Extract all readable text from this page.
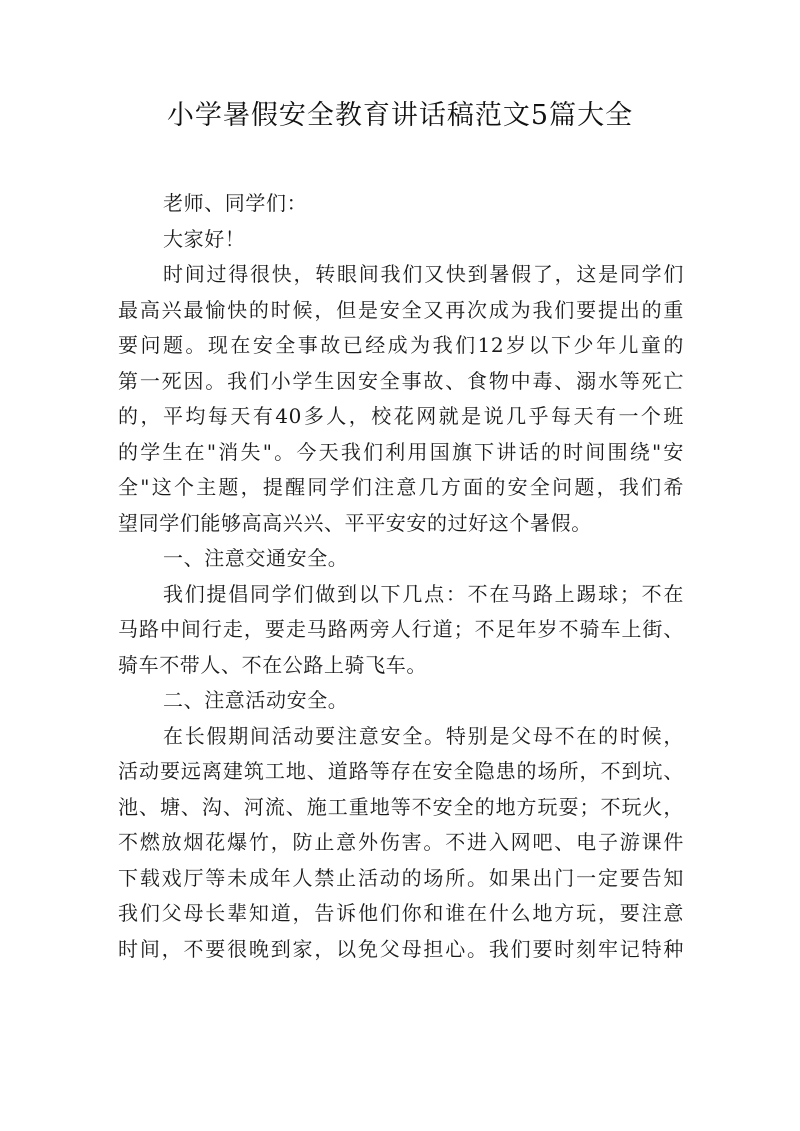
小学暑假安全教育讲话稿范文5篇大全
老师、同学们：
大家好！
时间过得很快，转眼间我们又快到暑假了，这是同学们
最高兴最愉快的时候，但是安全又再次成为我们要提出的重
要问题。现在安全事故已经成为我们12岁以下少年儿童的
第一死因。我们小学生因安全事故、食物中毒、溺水等死亡
的，平均每天有40多人，校花网就是说几乎每天有一个班
的学生在"消失"。今天我们利用国旗下讲话的时间围绕"安
全"这个主题，提醒同学们注意几方面的安全问题，我们希
望同学们能够高高兴兴、平平安安的过好这个暑假。
一、注意交通安全。
我们提倡同学们做到以下几点：不在马路上踢球；不在
马路中间行走，要走马路两旁人行道；不足年岁不骑车上街、
骑车不带人、不在公路上骑飞车。
二、注意活动安全。
在长假期间活动要注意安全。特别是父母不在的时候，
活动要远离建筑工地、道路等存在安全隐患的场所，不到坑、
池、塘、沟、河流、施工重地等不安全的地方玩耍；不玩火，
不燃放烟花爆竹，防止意外伤害。不进入网吧、电子游课件
下载戏厅等未成年人禁止活动的场所。如果出门一定要告知
我们父母长辈知道，告诉他们你和谁在什么地方玩，要注意
时间，不要很晚到家，以免父母担心。我们要时刻牢记特种
